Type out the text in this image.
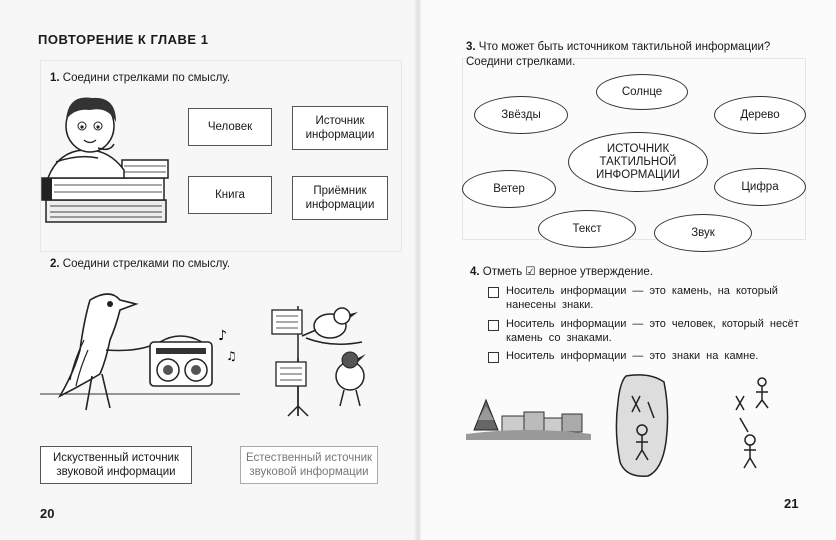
ПОВТОРЕНИЕ К ГЛАВЕ 1
1. Соедини стрелками по смыслу.
Человек	Источник информации
Книга	Приёмник информации
2. Соедини стрелками по смыслу.
♪
♫
Искуственный источник звуковой информации
Естественный источник звуковой информации
20
3. Что может быть источником тактильной информации? Соедини стрелками.
Солнце
Звёзды	Дерево
ИСТОЧНИК ТАКТИЛЬНОЙ ИНФОРМАЦИИ
Ветер	Цифра
Текст	Звук
4. Отметь ☑ верное утверждение.
Носитель информации — это камень, на который нанесены знаки.
Носитель информации — это человек, который несёт камень со знаками.
Носитель информации — это знаки на камне.
21
